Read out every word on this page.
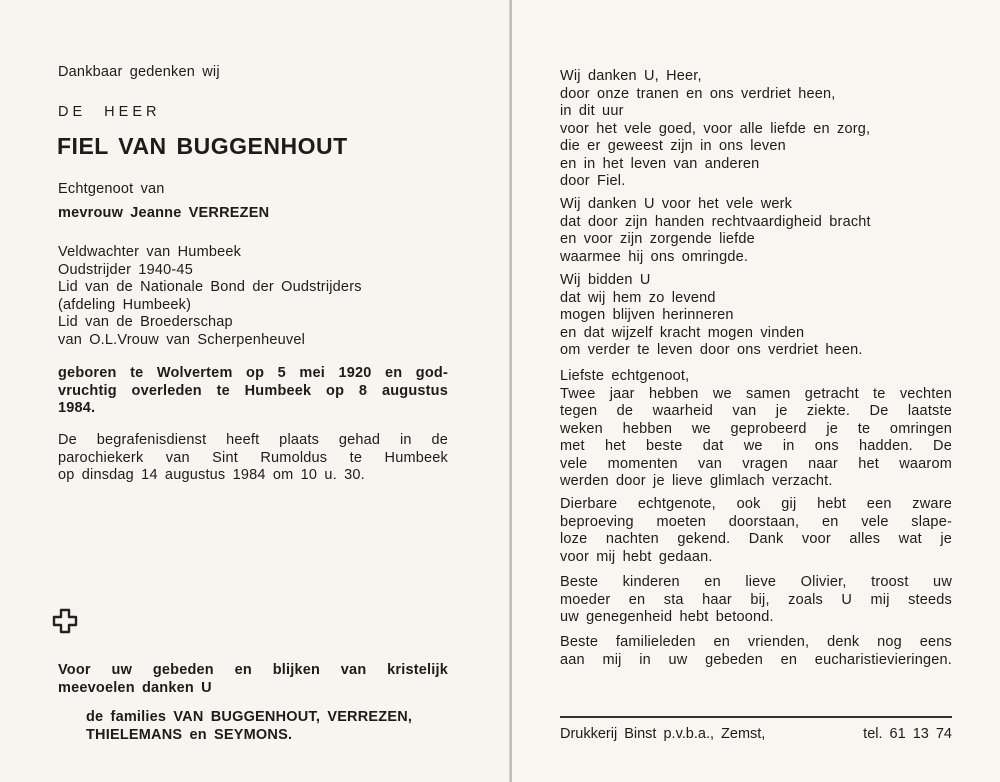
Dankbaar gedenken wij

DE HEER

FIEL VAN BUGGENHOUT

Echtgenoot van

mevrouw Jeanne VERREZEN

Veldwachter van Humbeek
Oudstrijder 1940-45
Lid van de Nationale Bond der Oudstrijders
(afdeling Humbeek)
Lid van de Broederschap
van O.L.Vrouw van Scherpenheuvel
geboren te Wolvertem op 5 mei 1920 en god-
vruchtig overleden te Humbeek op 8 augustus
1984.
De begrafenisdienst heeft plaats gehad in de
parochiekerk van Sint Rumoldus te Humbeek
op dinsdag 14 augustus 1984 om 10 u. 30.
Voor uw gebeden en blijken van kristelijk
meevoelen danken U
de families VAN BUGGENHOUT, VERREZEN,
THIELEMANS en SEYMONS.
Wij danken U, Heer,
door onze tranen en ons verdriet heen,
in dit uur
voor het vele goed, voor alle liefde en zorg,
die er geweest zijn in ons leven
en in het leven van anderen
door Fiel.
Wij danken U voor het vele werk
dat door zijn handen rechtvaardigheid bracht
en voor zijn zorgende liefde
waarmee hij ons omringde.
Wij bidden U
dat wij hem zo levend
mogen blijven herinneren
en dat wijzelf kracht mogen vinden
om verder te leven door ons verdriet heen.
Liefste echtgenoot,
Twee jaar hebben we samen getracht te vechten
tegen de waarheid van je ziekte. De laatste
weken hebben we geprobeerd je te omringen
met het beste dat we in ons hadden. De
vele momenten van vragen naar het waarom
werden door je lieve glimlach verzacht.
Dierbare echtgenote, ook gij hebt een zware
beproeving moeten doorstaan, en vele slape-
loze nachten gekend. Dank voor alles wat je
voor mij hebt gedaan.
Beste kinderen en lieve Olivier, troost uw
moeder en sta haar bij, zoals U mij steeds
uw genegenheid hebt betoond.
Beste familieleden en vrienden, denk nog eens
aan mij in uw gebeden en eucharistievieringen.
Drukkerij Binst p.v.b.a., Zemst,	tel. 61 13 74
